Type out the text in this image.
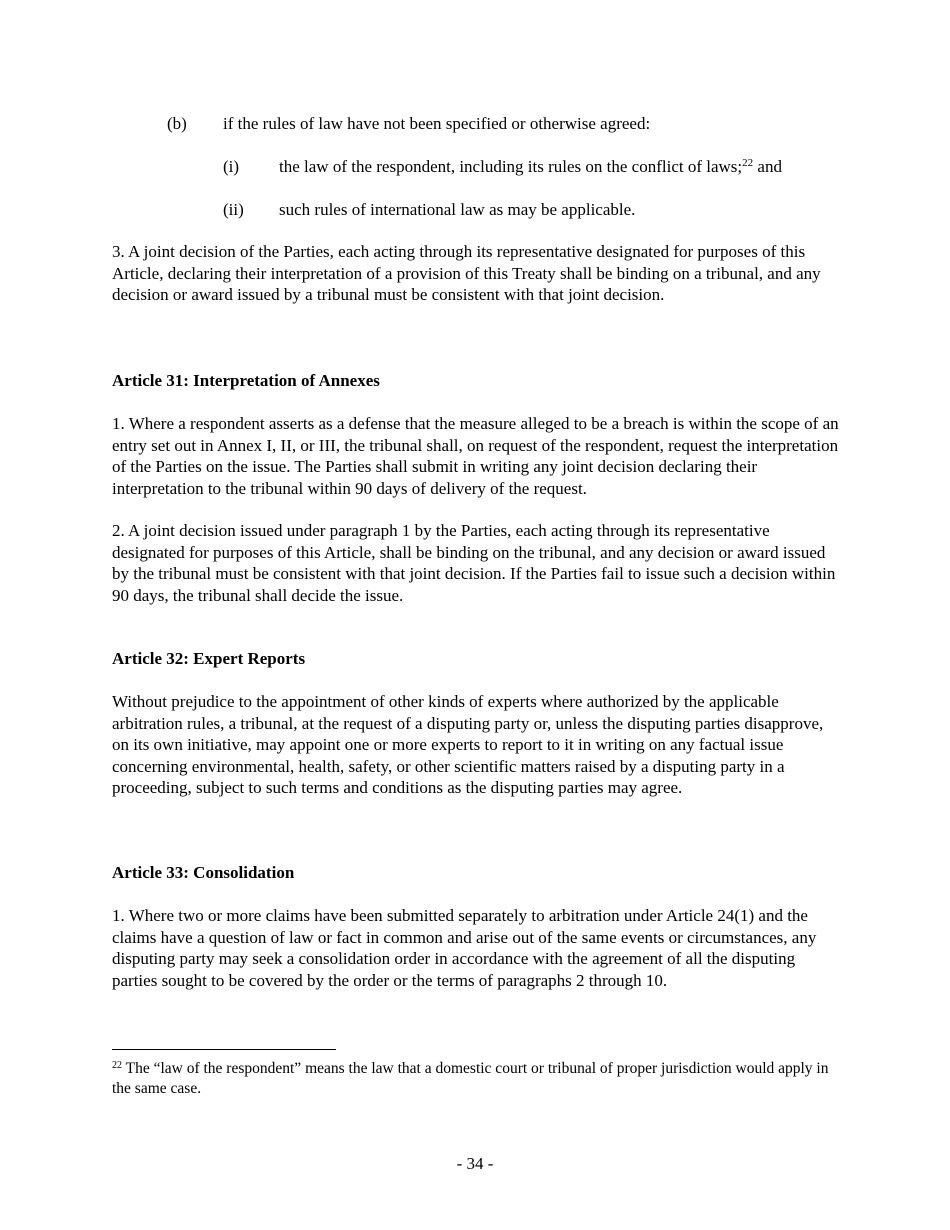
(b) if the rules of law have not been specified or otherwise agreed:
(i) the law of the respondent, including its rules on the conflict of laws;$^{22}$ and
(ii) such rules of international law as may be applicable.

3. A joint decision of the Parties, each acting through its representative designated for purposes of this Article, declaring their interpretation of a provision of this Treaty shall be binding on a tribunal, and any decision or award issued by a tribunal must be consistent with that joint decision.

Article 31: Interpretation of Annexes

1. Where a respondent asserts as a defense that the measure alleged to be a breach is within the scope of an entry set out in Annex I, II, or III, the tribunal shall, on request of the respondent, request the interpretation of the Parties on the issue. The Parties shall submit in writing any joint decision declaring their interpretation to the tribunal within 90 days of delivery of the request.

2. A joint decision issued under paragraph 1 by the Parties, each acting through its representative designated for purposes of this Article, shall be binding on the tribunal, and any decision or award issued by the tribunal must be consistent with that joint decision. If the Parties fail to issue such a decision within 90 days, the tribunal shall decide the issue.

Article 32: Expert Reports

Without prejudice to the appointment of other kinds of experts where authorized by the applicable arbitration rules, a tribunal, at the request of a disputing party or, unless the disputing parties disapprove, on its own initiative, may appoint one or more experts to report to it in writing on any factual issue concerning environmental, health, safety, or other scientific matters raised by a disputing party in a proceeding, subject to such terms and conditions as the disputing parties may agree.

Article 33: Consolidation

1. Where two or more claims have been submitted separately to arbitration under Article 24(1) and the claims have a question of law or fact in common and arise out of the same events or circumstances, any disputing party may seek a consolidation order in accordance with the agreement of all the disputing parties sought to be covered by the order or the terms of paragraphs 2 through 10.

$^{22}$ The “law of the respondent” means the law that a domestic court or tribunal of proper jurisdiction would apply in the same case.

- 34 -
